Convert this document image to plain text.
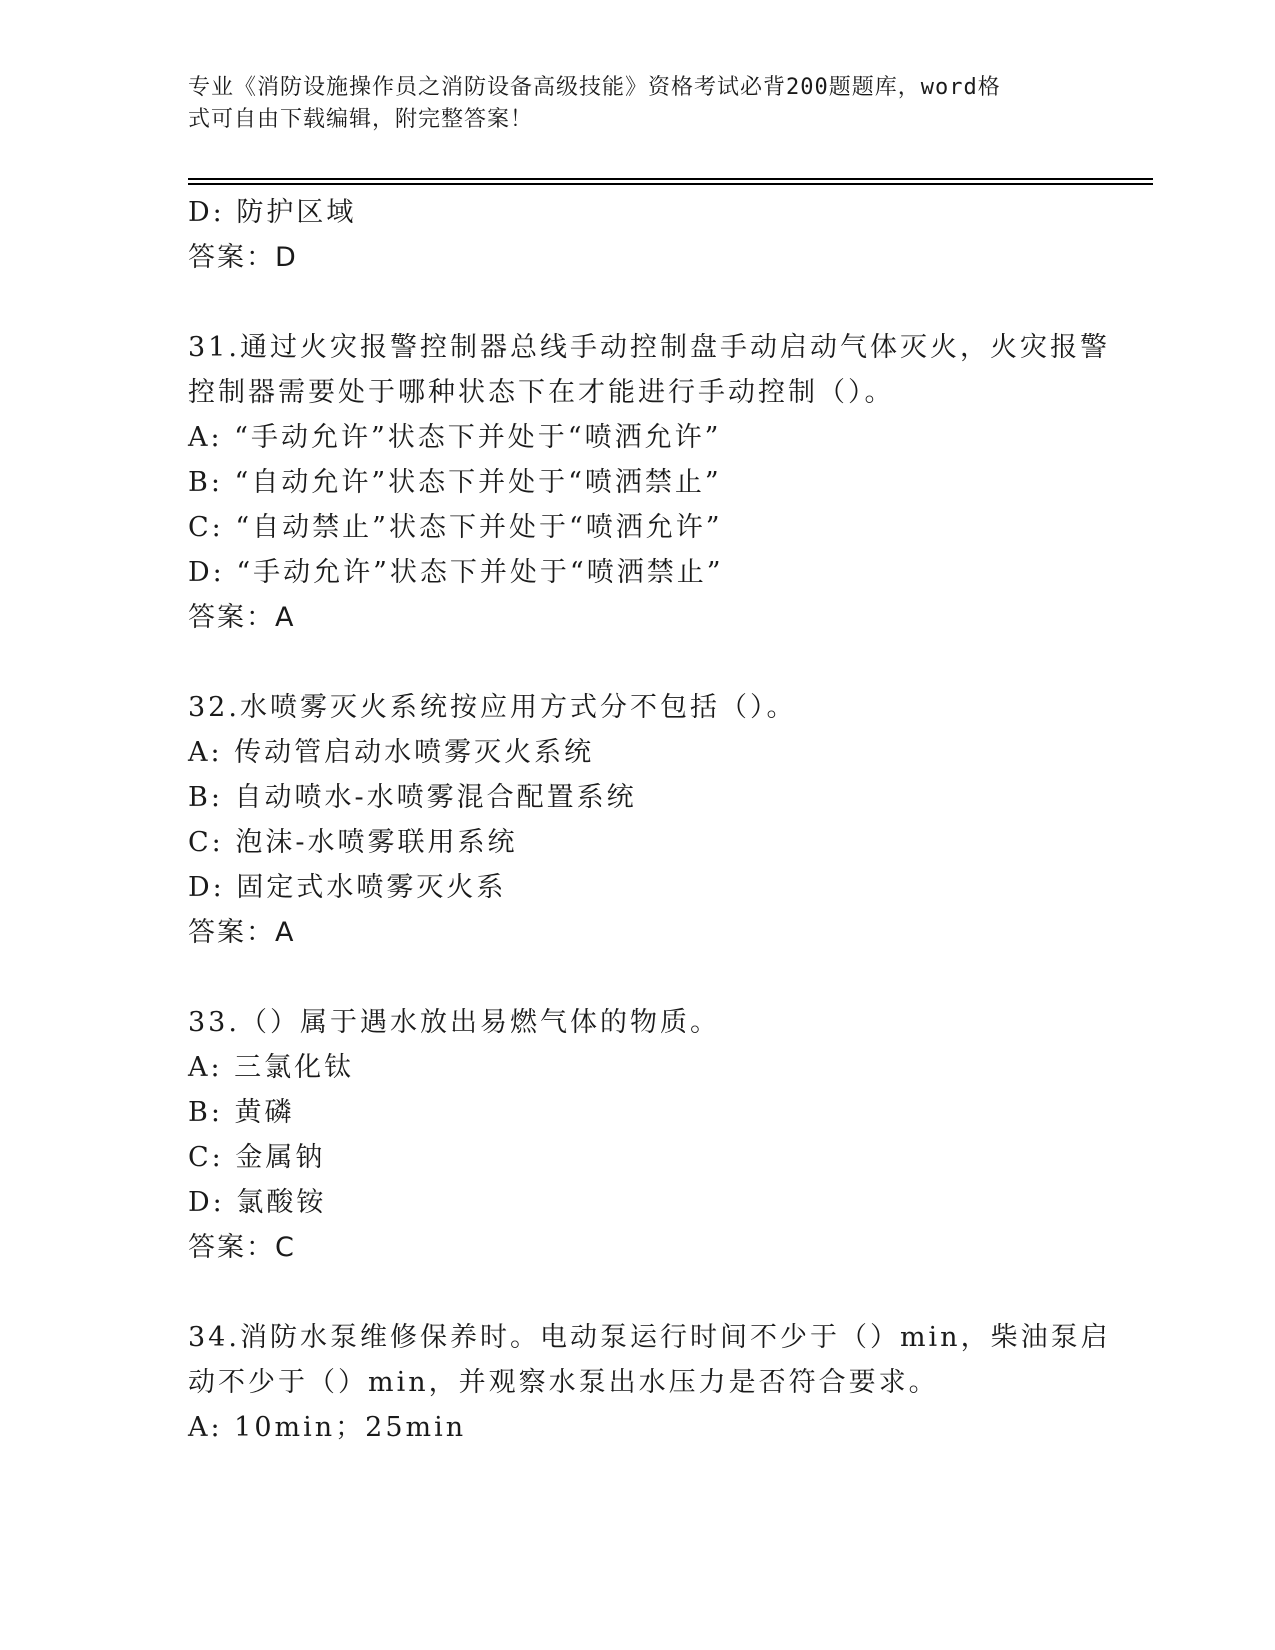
专业《消防设施操作员之消防设备高级技能》资格考试必背200题题库，word格
式可自由下载编辑，附完整答案！
D: 防护区域
答案：D
31.通过火灾报警控制器总线手动控制盘手动启动气体灭火，火灾报警
控制器需要处于哪种状态下在才能进行手动控制（）。
A: “手动允许”状态下并处于“喷洒允许”
B: “自动允许”状态下并处于“喷洒禁止”
C: “自动禁止”状态下并处于“喷洒允许”
D: “手动允许”状态下并处于“喷洒禁止”
答案：A
32.水喷雾灭火系统按应用方式分不包括（）。
A: 传动管启动水喷雾灭火系统
B: 自动喷水-水喷雾混合配置系统
C: 泡沫-水喷雾联用系统
D: 固定式水喷雾灭火系
答案：A
33.（）属于遇水放出易燃气体的物质。
A: 三氯化钛
B: 黄磷
C: 金属钠
D: 氯酸铵
答案：C
34.消防水泵维修保养时。电动泵运行时间不少于（）min，柴油泵启
动不少于（）min，并观察水泵出水压力是否符合要求。
A: 10min；25min
